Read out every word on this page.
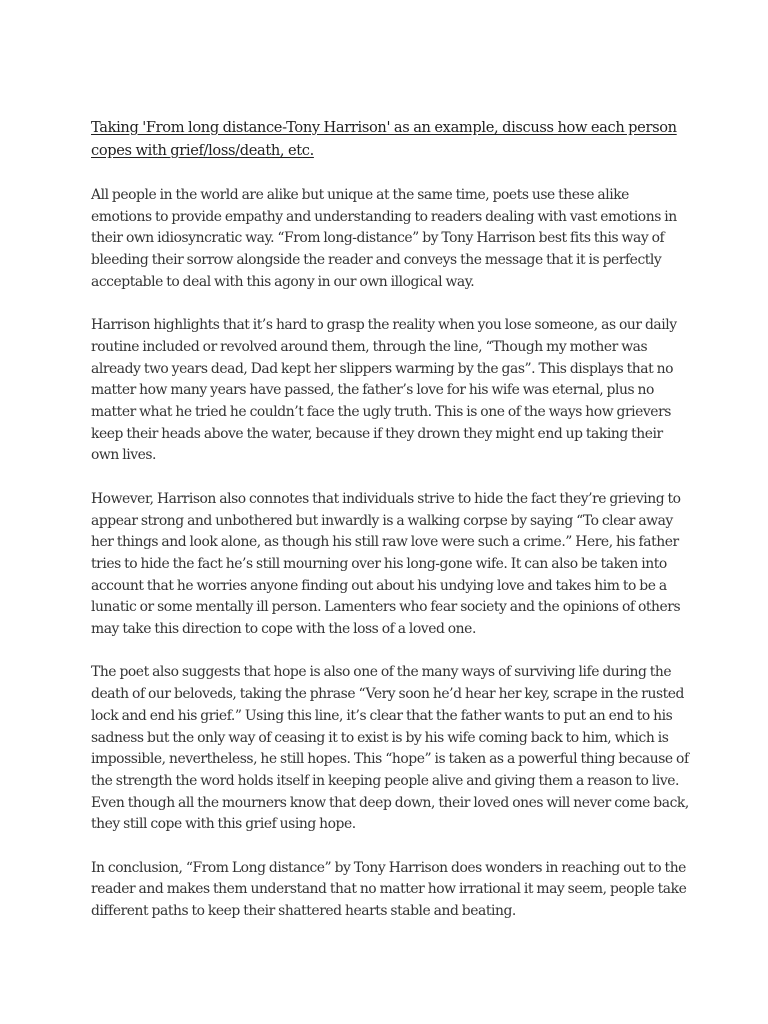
Taking 'From long distance-Tony Harrison' as an example, discuss how each person copes with grief/loss/death, etc.

All people in the world are alike but unique at the same time, poets use these alike emotions to provide empathy and understanding to readers dealing with vast emotions in their own idiosyncratic way. “From long-distance” by Tony Harrison best fits this way of bleeding their sorrow alongside the reader and conveys the message that it is perfectly acceptable to deal with this agony in our own illogical way.

Harrison highlights that it’s hard to grasp the reality when you lose someone, as our daily routine included or revolved around them, through the line, “Though my mother was already two years dead, Dad kept her slippers warming by the gas”. This displays that no matter how many years have passed, the father’s love for his wife was eternal, plus no matter what he tried he couldn’t face the ugly truth. This is one of the ways how grievers keep their heads above the water, because if they drown they might end up taking their own lives.

However, Harrison also connotes that individuals strive to hide the fact they’re grieving to appear strong and unbothered but inwardly is a walking corpse by saying “To clear away her things and look alone, as though his still raw love were such a crime.” Here, his father tries to hide the fact he’s still mourning over his long-gone wife. It can also be taken into account that he worries anyone finding out about his undying love and takes him to be a lunatic or some mentally ill person. Lamenters who fear society and the opinions of others may take this direction to cope with the loss of a loved one.

The poet also suggests that hope is also one of the many ways of surviving life during the death of our beloveds, taking the phrase “Very soon he’d hear her key, scrape in the rusted lock and end his grief.” Using this line, it’s clear that the father wants to put an end to his sadness but the only way of ceasing it to exist is by his wife coming back to him, which is impossible, nevertheless, he still hopes. This “hope” is taken as a powerful thing because of the strength the word holds itself in keeping people alive and giving them a reason to live. Even though all the mourners know that deep down, their loved ones will never come back, they still cope with this grief using hope.

In conclusion, “From Long distance” by Tony Harrison does wonders in reaching out to the reader and makes them understand that no matter how irrational it may seem, people take different paths to keep their shattered hearts stable and beating.
